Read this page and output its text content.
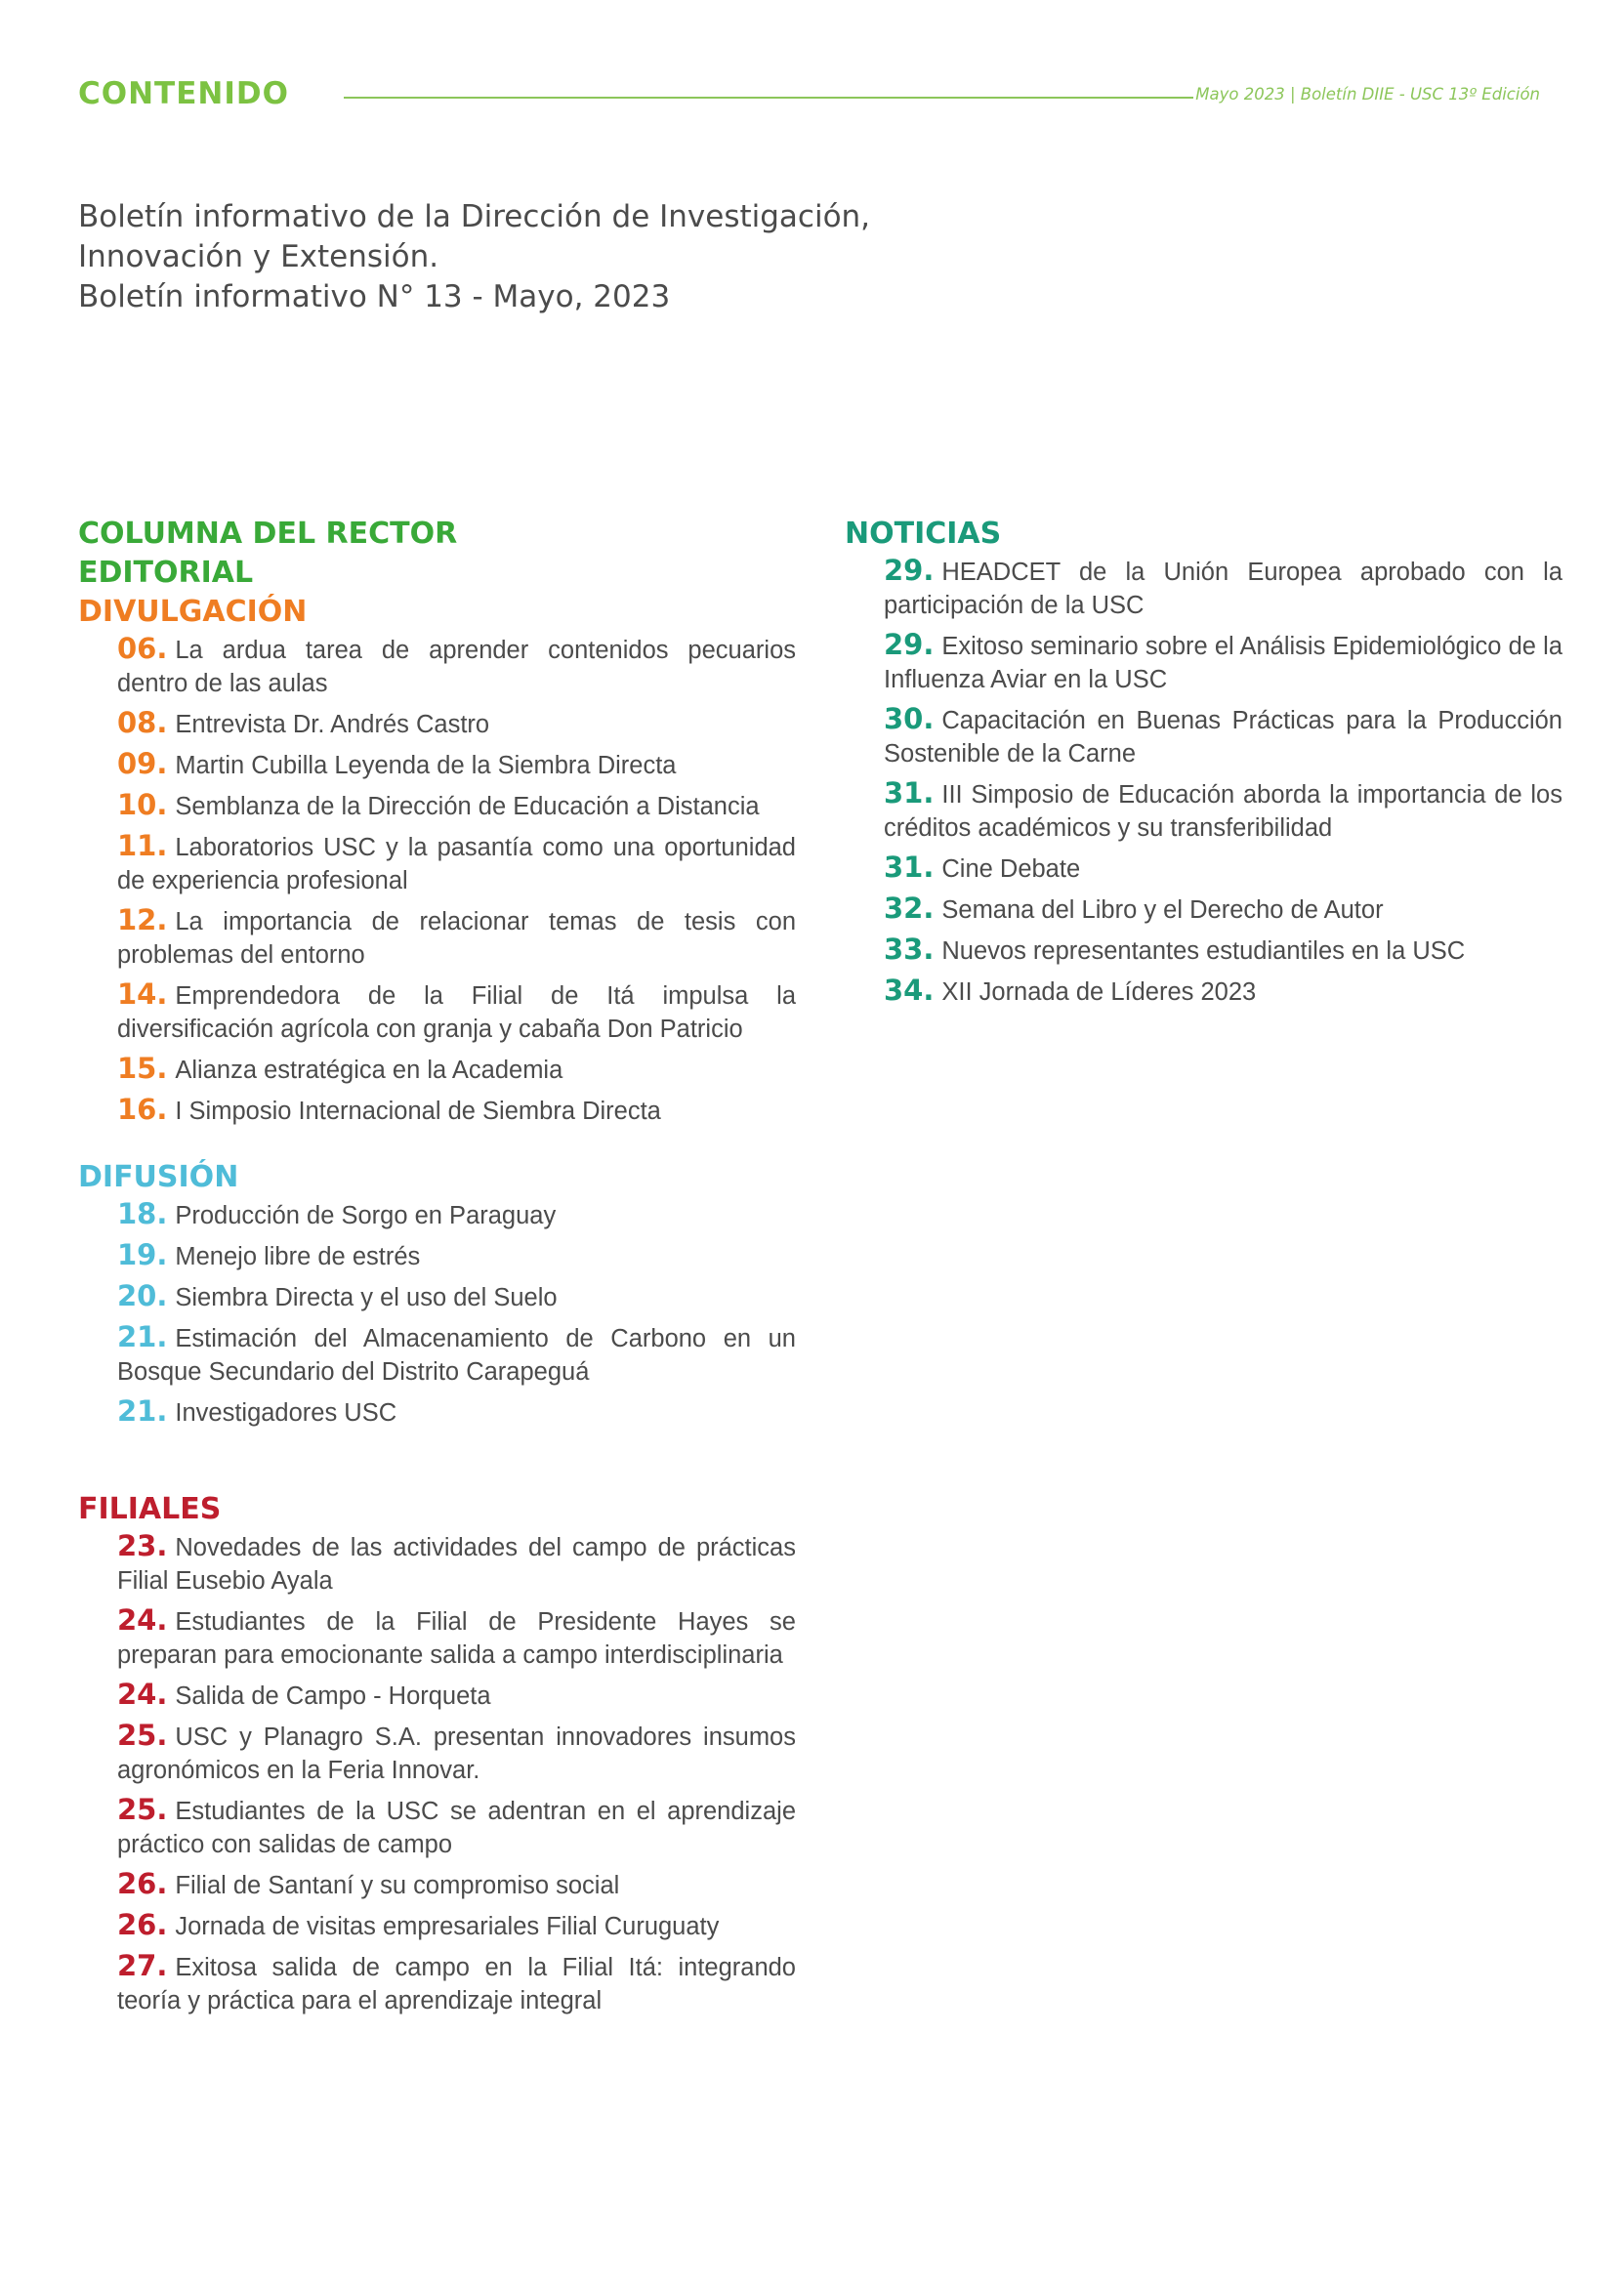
CONTENIDO	Mayo 2023 | Boletín DIIE - USC 13º Edición
Boletín informativo de la Dirección de Investigación,
Innovación y Extensión.
Boletín informativo N° 13 - Mayo, 2023
COLUMNA DEL RECTOR
EDITORIAL
DIVULGACIÓN
06. La ardua tarea de aprender contenidos pecuarios dentro de las aulas
08. Entrevista Dr. Andrés Castro
09. Martin Cubilla Leyenda de la Siembra Directa
10. Semblanza de la Dirección de Educación a Distancia
11. Laboratorios USC y la pasantía como una oportunidad de experiencia profesional
12. La importancia de relacionar temas de tesis con problemas del entorno
14. Emprendedora de la Filial de Itá impulsa la diversificación agrícola con granja y cabaña Don Patricio
15. Alianza estratégica en la Academia
16. I Simposio Internacional de Siembra Directa
DIFUSIÓN
18. Producción de Sorgo en Paraguay
19. Menejo libre de estrés
20. Siembra Directa y el uso del Suelo
21. Estimación del Almacenamiento de Carbono en un Bosque Secundario del Distrito Carapeguá
21. Investigadores USC
FILIALES
23. Novedades de las actividades del campo de prácticas Filial Eusebio Ayala
24. Estudiantes de la Filial de Presidente Hayes se preparan para emocionante salida a campo interdisciplinaria
24. Salida de Campo - Horqueta
25. USC y Planagro S.A. presentan innovadores insumos agronómicos en la Feria Innovar.
25. Estudiantes de la USC se adentran en el aprendizaje práctico con salidas de campo
26. Filial de Santaní y su compromiso social
26. Jornada de visitas empresariales Filial Curuguaty
27. Exitosa salida de campo en la Filial Itá: integrando teoría y práctica para el aprendizaje integral
NOTICIAS
29. HEADCET de la Unión Europea aprobado con la participación de la USC
29. Exitoso seminario sobre el Análisis Epidemiológico de la Influenza Aviar en la USC
30. Capacitación en Buenas Prácticas para la Producción Sostenible de la Carne
31. III Simposio de Educación aborda la importancia de los créditos académicos y su transferibilidad
31. Cine Debate
32. Semana del Libro y el Derecho de Autor
33. Nuevos representantes estudiantiles en la USC
34. XII Jornada de Líderes 2023
